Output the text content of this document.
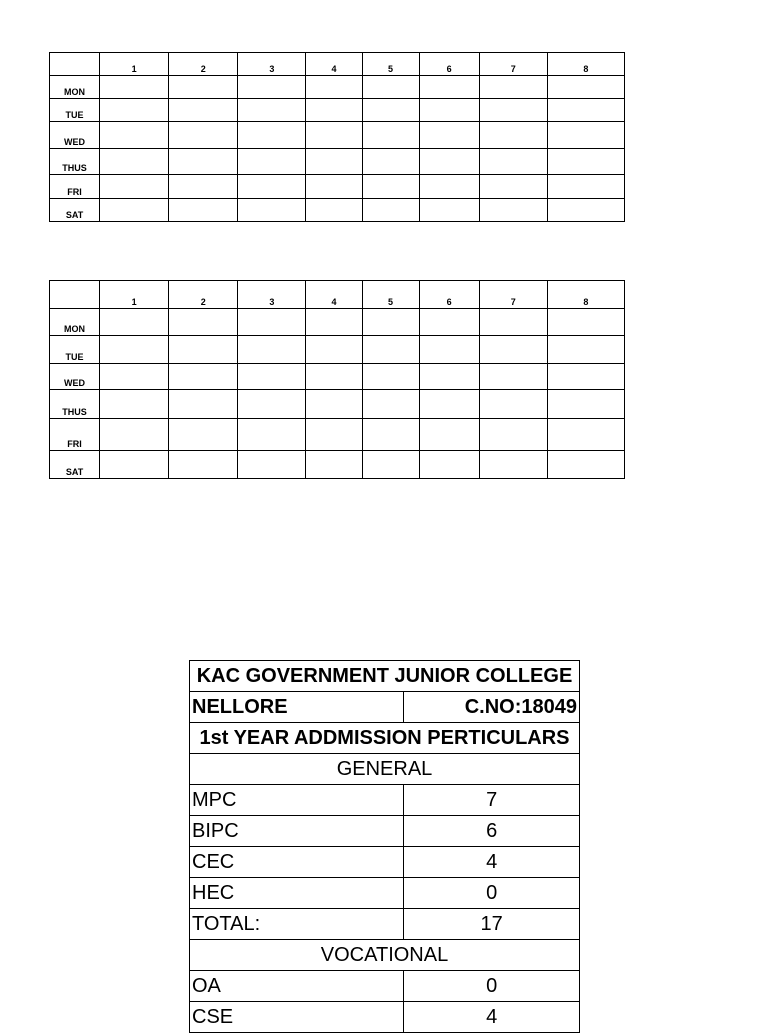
	1	2	3	4	5	6	7	8
MON								
TUE								
WED								
THUS								
FRI								
SAT								
	1	2	3	4	5	6	7	8
MON								
TUE								
WED								
THUS								
FRI								
SAT								
KAC GOVERNMENT JUNIOR COLLEGE	
NELLORE	C.NO:18049
1st YEAR ADDMISSION PERTICULARS	
GENERAL	
MPC	7
BIPC	6
CEC	4
HEC	0
TOTAL:	17
VOCATIONAL	
OA	0
CSE	4
